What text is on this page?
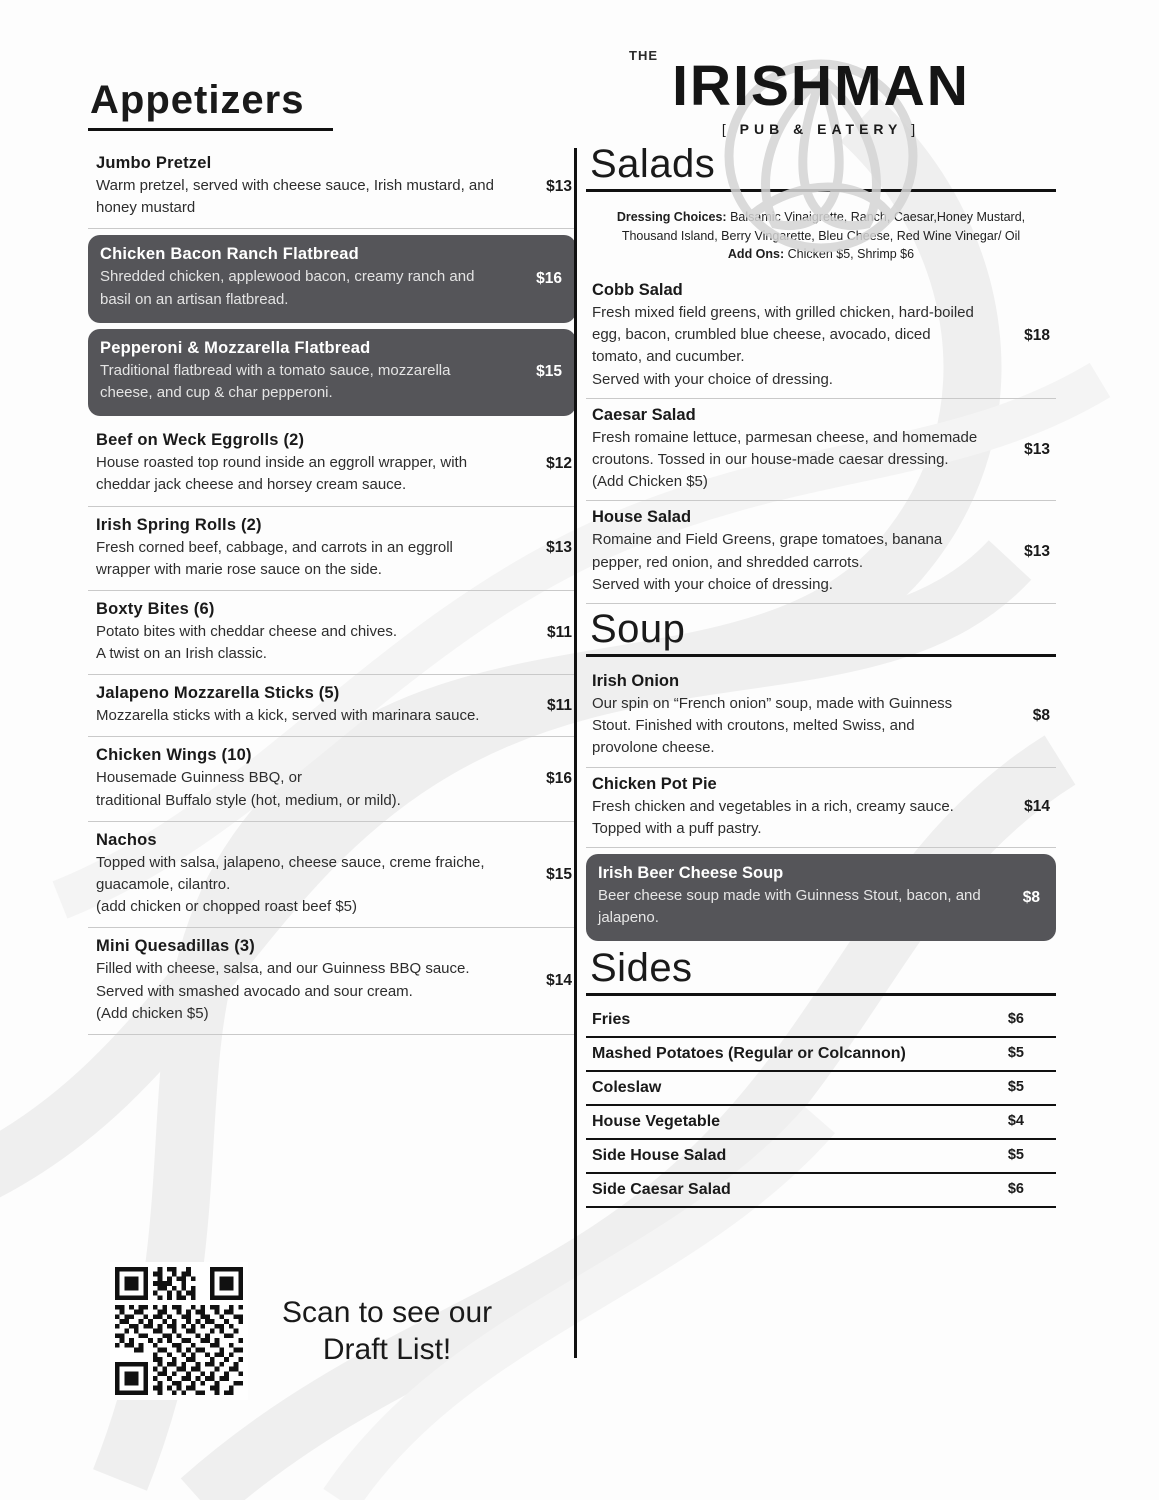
Appetizers
Jumbo Pretzel
Warm pretzel, served with cheese sauce, Irish mustard, and honey mustard
$13
Chicken Bacon Ranch Flatbread
Shredded chicken, applewood bacon, creamy ranch and basil on an artisan flatbread.
$16
Pepperoni & Mozzarella Flatbread
Traditional flatbread with a tomato sauce, mozzarella cheese, and cup & char pepperoni.
$15
Beef on Weck Eggrolls (2)
House roasted top round inside an eggroll wrapper, with cheddar jack cheese and horsey cream sauce.
$12
Irish Spring Rolls (2)
Fresh corned beef, cabbage, and carrots in an eggroll wrapper with marie rose sauce on the side.
$13
Boxty Bites (6)
Potato bites with cheddar cheese and chives.
A twist on an Irish classic.
$11
Jalapeno Mozzarella Sticks (5)
Mozzarella sticks with a kick, served with marinara sauce.
$11
Chicken Wings (10)
Housemade Guinness BBQ, or
traditional Buffalo style (hot, medium, or mild).
$16
Nachos
Topped with salsa, jalapeno, cheese sauce, creme fraiche, guacamole, cilantro.
(add chicken or chopped roast beef $5)
$15
Mini Quesadillas (3)
Filled with cheese, salsa, and our Guinness BBQ sauce. Served with smashed avocado and sour cream.
(Add chicken $5)
$14
Scan to see our
Draft List!
THE IRISHMAN
[ PUB & EATERY ]
Salads
Dressing Choices: Balsamic Vinaigrette, Ranch, Caesar,Honey Mustard, Thousand Island, Berry Vingarette, Bleu Cheese, Red Wine Vinegar/ Oil
Add Ons: Chicken $5, Shrimp $6
Cobb Salad
Fresh mixed field greens, with grilled chicken, hard-boiled egg, bacon, crumbled blue cheese, avocado, diced tomato, and cucumber.
Served with your choice of dressing.
$18
Caesar Salad
Fresh romaine lettuce, parmesan cheese, and homemade croutons. Tossed in our house-made caesar dressing.
(Add Chicken $5)
$13
House Salad
Romaine and Field Greens, grape tomatoes, banana pepper, red onion, and shredded carrots.
Served with your choice of dressing.
$13
Soup
Irish Onion
Our spin on “French onion” soup, made with Guinness Stout. Finished with croutons, melted Swiss, and provolone cheese.
$8
Chicken Pot Pie
Fresh chicken and vegetables in a rich, creamy sauce. Topped with a puff pastry.
$14
Irish Beer Cheese Soup
Beer cheese soup made with Guinness Stout, bacon, and jalapeno.
$8
Sides
Fries	$6
Mashed Potatoes (Regular or Colcannon)	$5
Coleslaw	$5
House Vegetable	$4
Side House Salad	$5
Side Caesar Salad	$6
